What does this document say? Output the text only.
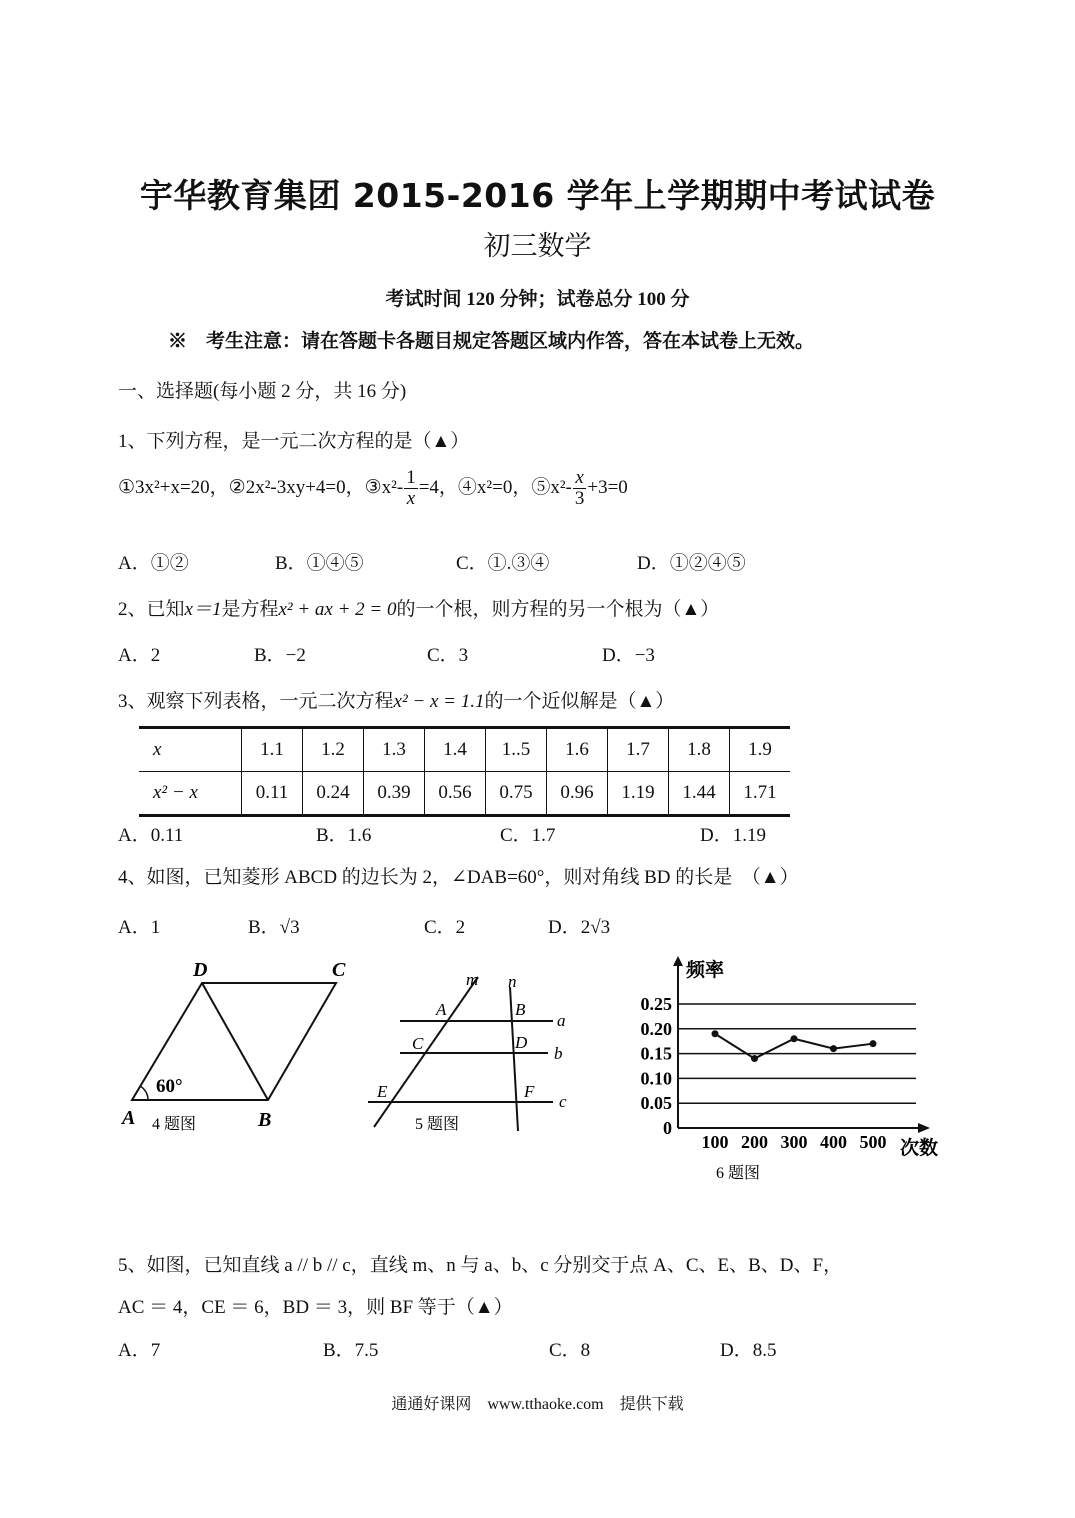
宇华教育集团 2015-2016 学年上学期期中考试试卷
初三数学
考试时间 120 分钟；试卷总分 100 分
※　考生注意：请在答题卡各题目规定答题区域内作答，答在本试卷上无效。
一、选择题(每小题 2 分，共 16 分)
1、下列方程，是一元二次方程的是（▲）
①3x²+x=20，②2x²-3xy+4=0，③x²- $\frac{1}{x} =4$，④x²=0，⑤x²- $\frac{x}{3} +3=0$
A．①②	B．①④⑤	C．①.③④	D．①②④⑤
2、已知x＝1是方程x² + ax + 2 = 0的一个根，则方程的另一个根为（▲）
A．2	B．−2	C．3	D．−3
3、观察下列表格，一元二次方程x² − x = 1.1的一个近似解是（▲）
x	1.1	1.2	1.3	1.4	1..5	1.6	1.7	1.8	1.9
x² − x	0.11	0.24	0.39	0.56	0.75	0.96	1.19	1.44	1.71
A．0.11	B．1.6	C．1.7	D．1.19
4、如图，已知菱形 ABCD 的边长为 2，∠DAB=60°，则对角线 BD 的长是　（▲）
A．1	B．√3	C．2	D．2√3
D	C
A	B
60°
4 题图
m n
a
b
c
A	B
C	D
E	F
5 题图	0
0.05
0.10
0.15
0.20
0.25
100 200 300 400 500
频率
次数
6 题图
5、如图，已知直线 a // b // c，直线 m、n 与 a、b、c 分别交于点 A、C、E、B、D、F，
AC ＝ 4，CE ＝ 6，BD ＝ 3，则 BF 等于（▲）
A．7	B．7.5	C．8	D．8.5
通通好课网　www.tthaoke.com　提供下载
